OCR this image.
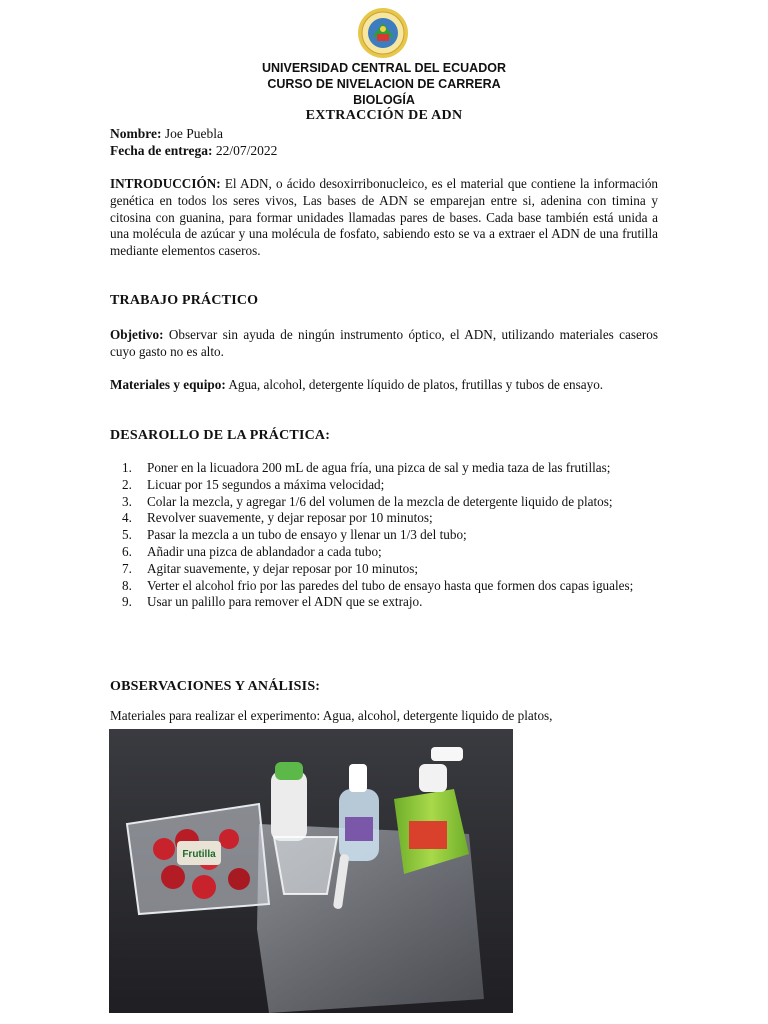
UNIVERSIDAD CENTRAL DEL ECUADOR
CURSO DE NIVELACION DE CARRERA
BIOLOGÍA
EXTRACCIÓN DE ADN
Nombre: Joe Puebla
Fecha de entrega: 22/07/2022
INTRODUCCIÓN: El ADN, o ácido desoxirribonucleico, es el material que contiene la información genética en todos los seres vivos, Las bases de ADN se emparejan entre si, adenina con timina y citosina con guanina, para formar unidades llamadas pares de bases. Cada base también está unida a una molécula de azúcar y una molécula de fosfato, sabiendo esto se va a extraer el ADN de una frutilla mediante elementos caseros.
TRABAJO PRÁCTICO
Objetivo: Observar sin ayuda de ningún instrumento óptico, el ADN, utilizando materiales caseros cuyo gasto no es alto.
Materiales y equipo: Agua, alcohol, detergente líquido de platos, frutillas y tubos de ensayo.
DESAROLLO DE LA PRÁCTICA:
1.	Poner en la licuadora 200 mL de agua fría, una pizca de sal y media taza de las frutillas;
2.	Licuar por 15 segundos a máxima velocidad;
3.	Colar la mezcla, y agregar 1/6 del volumen de la mezcla de detergente liquido de platos;
4.	Revolver suavemente, y dejar reposar por 10 minutos;
5.	Pasar la mezcla a un tubo de ensayo y llenar un 1/3 del tubo;
6.	Añadir una pizca de ablandador a cada tubo;
7.	Agitar suavemente, y dejar reposar por 10 minutos;
8.	Verter el alcohol frio por las paredes del tubo de ensayo hasta que formen dos capas iguales;
9.	Usar un palillo para remover el ADN que se extrajo.
OBSERVACIONES Y ANÁLISIS:
Materiales para realizar el experimento: Agua, alcohol, detergente liquido de platos,
Frutilla
